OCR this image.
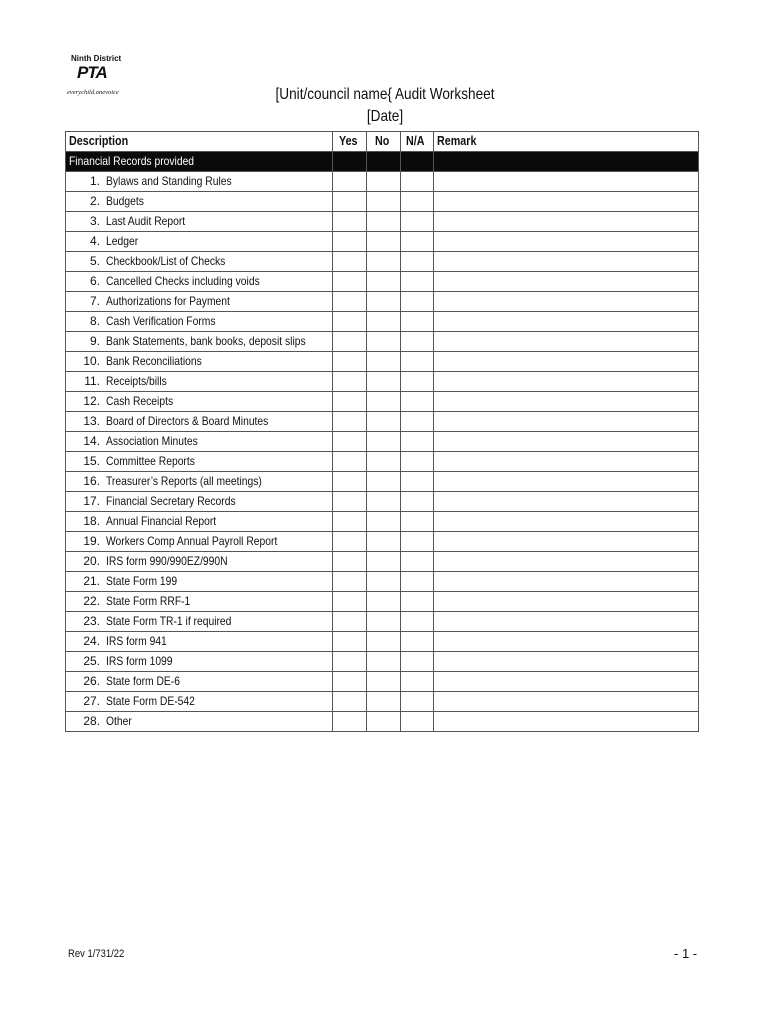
Ninth District
PTA
everychild.onevoice	[Unit/council name{ Audit Worksheet
[Date]
Description	Yes	No	N/A	Remark
Financial Records provided				
1. Bylaws and Standing Rules				
2. Budgets				
3. Last Audit Report				
4. Ledger				
5. Checkbook/List of Checks				
6. Cancelled Checks including voids				
7. Authorizations for Payment				
8. Cash Verification Forms				
9. Bank Statements, bank books, deposit slips				
10. Bank Reconciliations				
11. Receipts/bills				
12. Cash Receipts				
13. Board of Directors & Board Minutes				
14. Association Minutes				
15. Committee Reports				
16. Treasurer’s Reports (all meetings)				
17. Financial Secretary Records				
18. Annual Financial Report				
19. Workers Comp Annual Payroll Report				
20. IRS form 990/990EZ/990N				
21. State Form 199				
22. State Form RRF-1				
23. State Form TR-1 if required				
24. IRS form 941				
25. IRS form 1099				
26. State form DE-6				
27. State Form DE-542				
28. Other				
Rev 1/731/22	- 1 -
